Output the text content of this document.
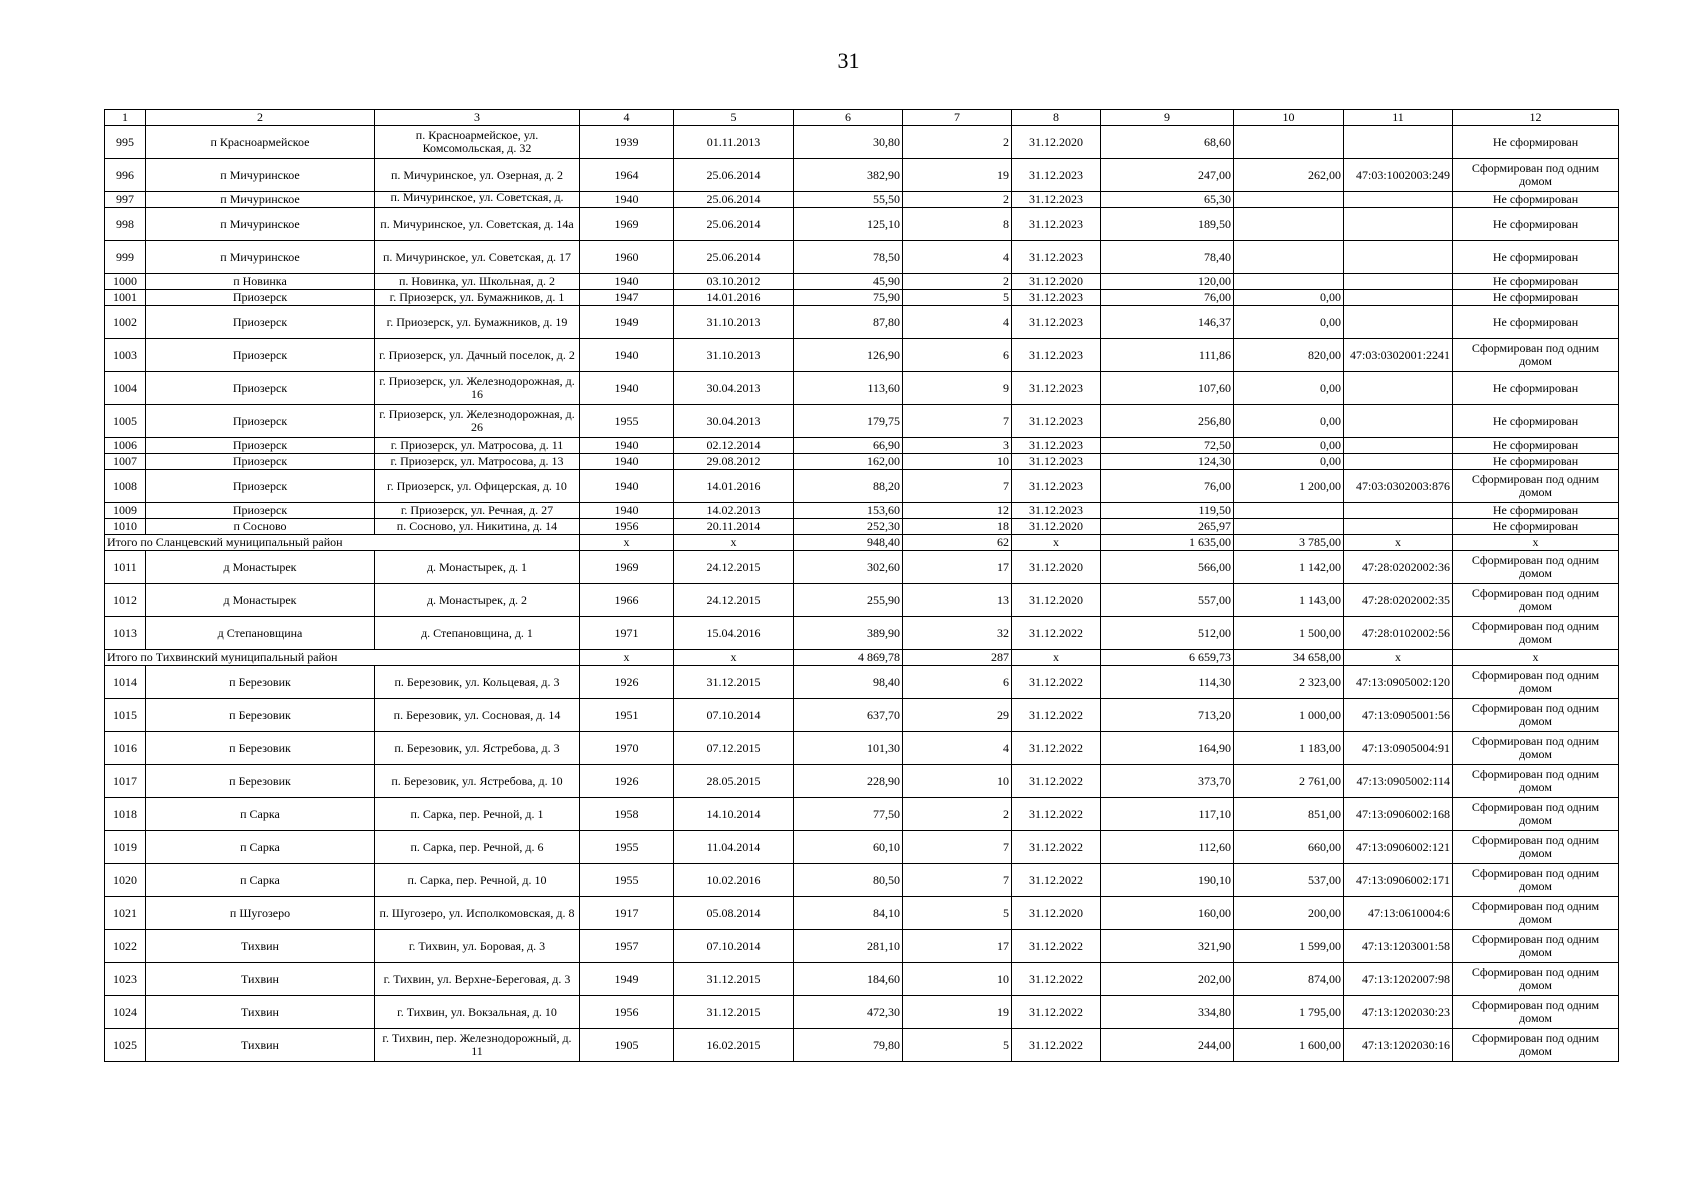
31
1	2	3	4	5	6	7	8	9	10	11	12
995	п Красноармейское	п. Красноармейское, ул. Комсомольская, д. 32	1939	01.11.2013	30,80	2	31.12.2020	68,60			Не сформирован
996	п Мичуринское	п. Мичуринское, ул. Озерная, д. 2	1964	25.06.2014	382,90	19	31.12.2023	247,00	262,00	47:03:1002003:249	Сформирован под одним домом
997	п Мичуринское	п. Мичуринское, ул. Советская, д.	1940	25.06.2014	55,50	2	31.12.2023	65,30			Не сформирован
998	п Мичуринское	п. Мичуринское, ул. Советская, д. 14а	1969	25.06.2014	125,10	8	31.12.2023	189,50			Не сформирован
999	п Мичуринское	п. Мичуринское, ул. Советская, д. 17	1960	25.06.2014	78,50	4	31.12.2023	78,40			Не сформирован
1000	п Новинка	п. Новинка, ул. Школьная, д. 2	1940	03.10.2012	45,90	2	31.12.2020	120,00			Не сформирован
1001	Приозерск	г. Приозерск, ул. Бумажников, д. 1	1947	14.01.2016	75,90	5	31.12.2023	76,00	0,00		Не сформирован
1002	Приозерск	г. Приозерск, ул. Бумажников, д. 19	1949	31.10.2013	87,80	4	31.12.2023	146,37	0,00		Не сформирован
1003	Приозерск	г. Приозерск, ул. Дачный поселок, д. 2	1940	31.10.2013	126,90	6	31.12.2023	111,86	820,00	47:03:0302001:2241	Сформирован под одним домом
1004	Приозерск	г. Приозерск, ул. Железнодорожная, д. 16	1940	30.04.2013	113,60	9	31.12.2023	107,60	0,00		Не сформирован
1005	Приозерск	г. Приозерск, ул. Железнодорожная, д. 26	1955	30.04.2013	179,75	7	31.12.2023	256,80	0,00		Не сформирован
1006	Приозерск	г. Приозерск, ул. Матросова, д. 11	1940	02.12.2014	66,90	3	31.12.2023	72,50	0,00		Не сформирован
1007	Приозерск	г. Приозерск, ул. Матросова, д. 13	1940	29.08.2012	162,00	10	31.12.2023	124,30	0,00		Не сформирован
1008	Приозерск	г. Приозерск, ул. Офицерская, д. 10	1940	14.01.2016	88,20	7	31.12.2023	76,00	1 200,00	47:03:0302003:876	Сформирован под одним домом
1009	Приозерск	г. Приозерск, ул. Речная, д. 27	1940	14.02.2013	153,60	12	31.12.2023	119,50			Не сформирован
1010	п Сосново	п. Сосново, ул. Никитина, д. 14	1956	20.11.2014	252,30	18	31.12.2020	265,97			Не сформирован
Итого по Сланцевский муниципальный район			x	x	948,40	62	x	1 635,00	3 785,00	x	x
1011	д Монастырек	д. Монастырек, д. 1	1969	24.12.2015	302,60	17	31.12.2020	566,00	1 142,00	47:28:0202002:36	Сформирован под одним домом
1012	д Монастырек	д. Монастырек, д. 2	1966	24.12.2015	255,90	13	31.12.2020	557,00	1 143,00	47:28:0202002:35	Сформирован под одним домом
1013	д Степановщина	д. Степановщина, д. 1	1971	15.04.2016	389,90	32	31.12.2022	512,00	1 500,00	47:28:0102002:56	Сформирован под одним домом
Итого по Тихвинский муниципальный район			x	x	4 869,78	287	x	6 659,73	34 658,00	x	x
1014	п Березовик	п. Березовик, ул. Кольцевая, д. 3	1926	31.12.2015	98,40	6	31.12.2022	114,30	2 323,00	47:13:0905002:120	Сформирован под одним домом
1015	п Березовик	п. Березовик, ул. Сосновая, д. 14	1951	07.10.2014	637,70	29	31.12.2022	713,20	1 000,00	47:13:0905001:56	Сформирован под одним домом
1016	п Березовик	п. Березовик, ул. Ястребова, д. 3	1970	07.12.2015	101,30	4	31.12.2022	164,90	1 183,00	47:13:0905004:91	Сформирован под одним домом
1017	п Березовик	п. Березовик, ул. Ястребова, д. 10	1926	28.05.2015	228,90	10	31.12.2022	373,70	2 761,00	47:13:0905002:114	Сформирован под одним домом
1018	п Сарка	п. Сарка, пер. Речной, д. 1	1958	14.10.2014	77,50	2	31.12.2022	117,10	851,00	47:13:0906002:168	Сформирован под одним домом
1019	п Сарка	п. Сарка, пер. Речной, д. 6	1955	11.04.2014	60,10	7	31.12.2022	112,60	660,00	47:13:0906002:121	Сформирован под одним домом
1020	п Сарка	п. Сарка, пер. Речной, д. 10	1955	10.02.2016	80,50	7	31.12.2022	190,10	537,00	47:13:0906002:171	Сформирован под одним домом
1021	п Шугозеро	п. Шугозеро, ул. Исполкомовская, д. 8	1917	05.08.2014	84,10	5	31.12.2020	160,00	200,00	47:13:0610004:6	Сформирован под одним домом
1022	Тихвин	г. Тихвин, ул. Боровая, д. 3	1957	07.10.2014	281,10	17	31.12.2022	321,90	1 599,00	47:13:1203001:58	Сформирован под одним домом
1023	Тихвин	г. Тихвин, ул. Верхне-Береговая, д. 3	1949	31.12.2015	184,60	10	31.12.2022	202,00	874,00	47:13:1202007:98	Сформирован под одним домом
1024	Тихвин	г. Тихвин, ул. Вокзальная, д. 10	1956	31.12.2015	472,30	19	31.12.2022	334,80	1 795,00	47:13:1202030:23	Сформирован под одним домом
1025	Тихвин	г. Тихвин, пер. Железнодорожный, д. 11	1905	16.02.2015	79,80	5	31.12.2022	244,00	1 600,00	47:13:1202030:16	Сформирован под одним домом
